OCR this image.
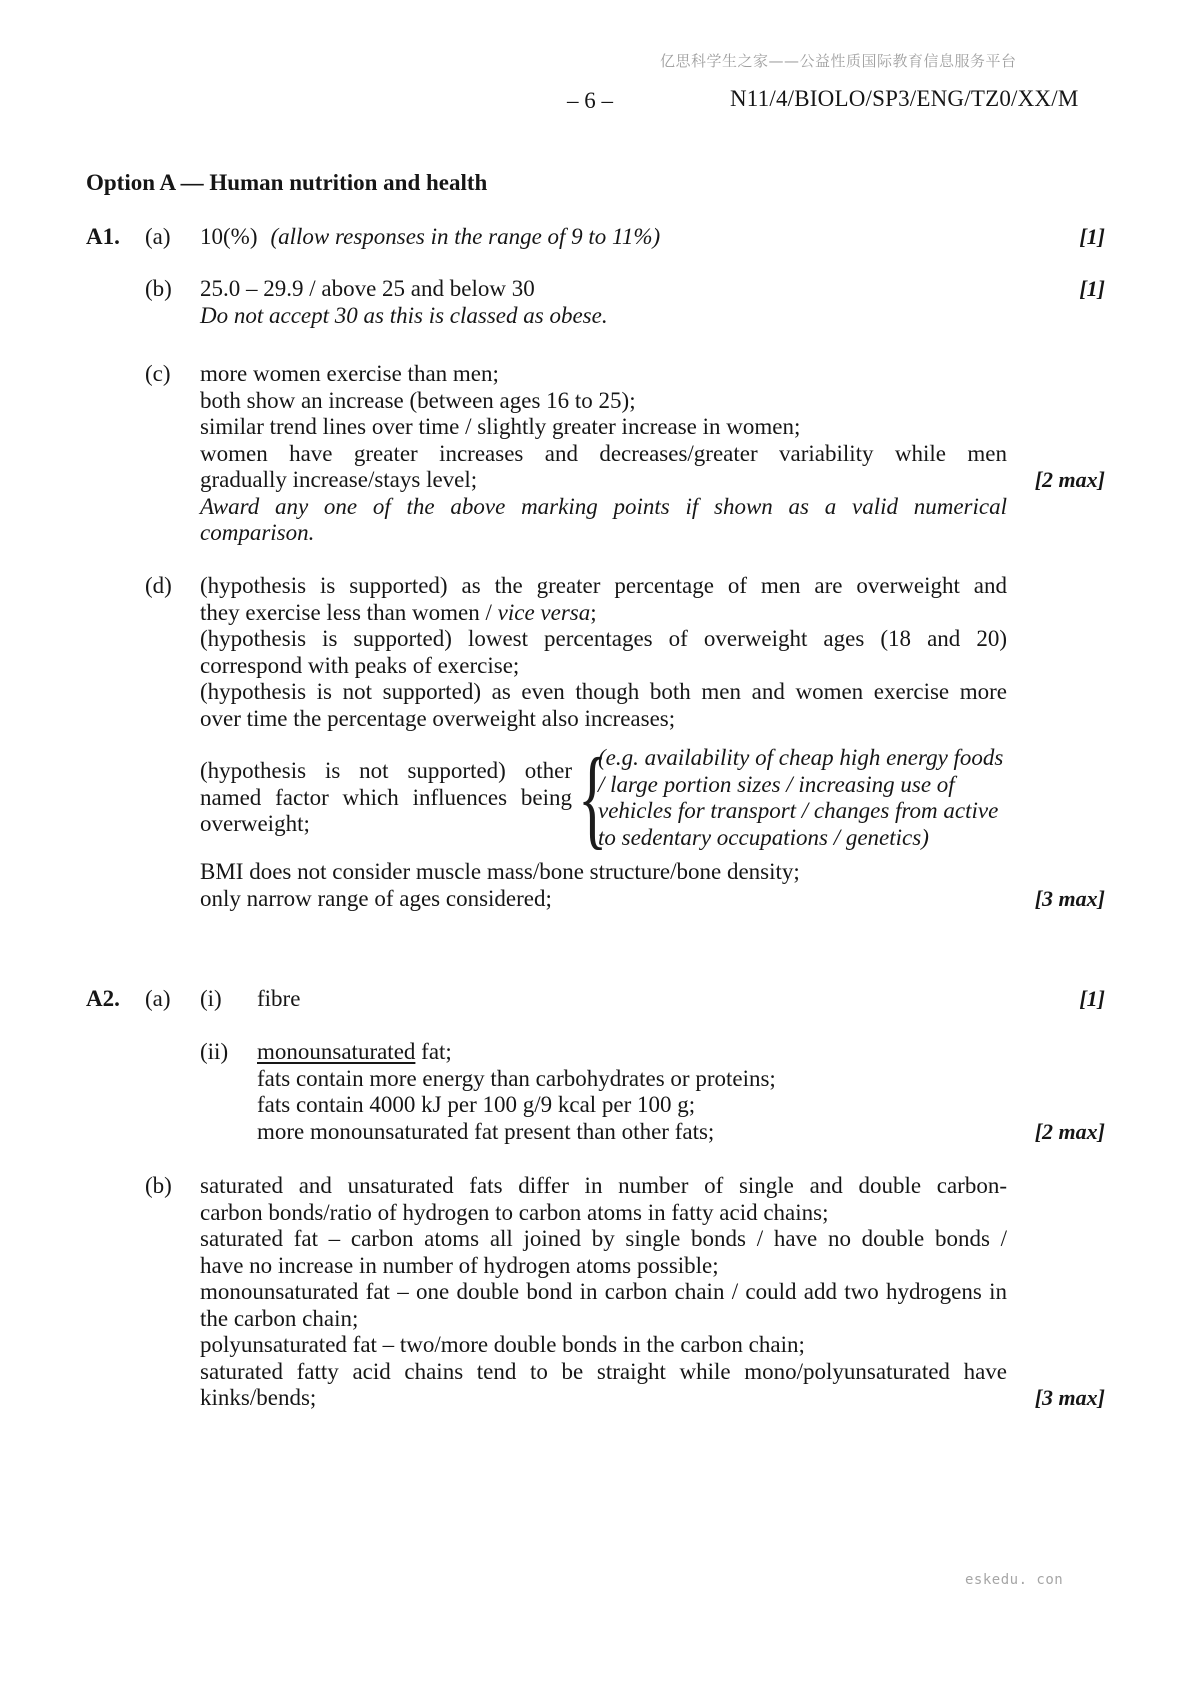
亿思科学生之家——公益性质国际教育信息服务平台
– 6 –	N11/4/BIOLO/SP3/ENG/TZ0/XX/M
Option A — Human nutrition and health
A1.	(a)	10(%) (allow responses in the range of 9 to 11%)	[1]
(b)	25.0 – 29.9 / above 25 and below 30	[1]
Do not accept 30 as this is classed as obese.
(c)	more women exercise than men;
both show an increase (between ages 16 to 25);
similar trend lines over time / slightly greater increase in women;
women have greater increases and decreases/greater variability while men
gradually increase/stays level;	[2 max]
Award any one of the above marking points if shown as a valid numerical
comparison.
(d)	(hypothesis is supported) as the greater percentage of men are overweight and
they exercise less than women / vice versa;
(hypothesis is supported) lowest percentages of overweight ages (18 and 20)
correspond with peaks of exercise;
(hypothesis is not supported) as even though both men and women exercise more
over time the percentage overweight also increases;
(hypothesis is not supported) other
named factor which influences being
overweight;	{
(e.g. availability of cheap high energy foods
/ large portion sizes / increasing use of
vehicles for transport / changes from active
to sedentary occupations / genetics)
BMI does not consider muscle mass/bone structure/bone density;
only narrow range of ages considered;	[3 max]
A2.	(a)	(i)	fibre	[1]
(ii)	monounsaturated fat;
fats contain more energy than carbohydrates or proteins;
fats contain 4000 kJ per 100 g/9 kcal per 100 g;
more monounsaturated fat present than other fats;	[2 max]
(b)	saturated and unsaturated fats differ in number of single and double carbon-
carbon bonds/ratio of hydrogen to carbon atoms in fatty acid chains;
saturated fat – carbon atoms all joined by single bonds / have no double bonds /
have no increase in number of hydrogen atoms possible;
monounsaturated fat – one double bond in carbon chain / could add two hydrogens in
the carbon chain;
polyunsaturated fat – two/more double bonds in the carbon chain;
saturated fatty acid chains tend to be straight while mono/polyunsaturated have
kinks/bends;	[3 max]
eskedu. con
